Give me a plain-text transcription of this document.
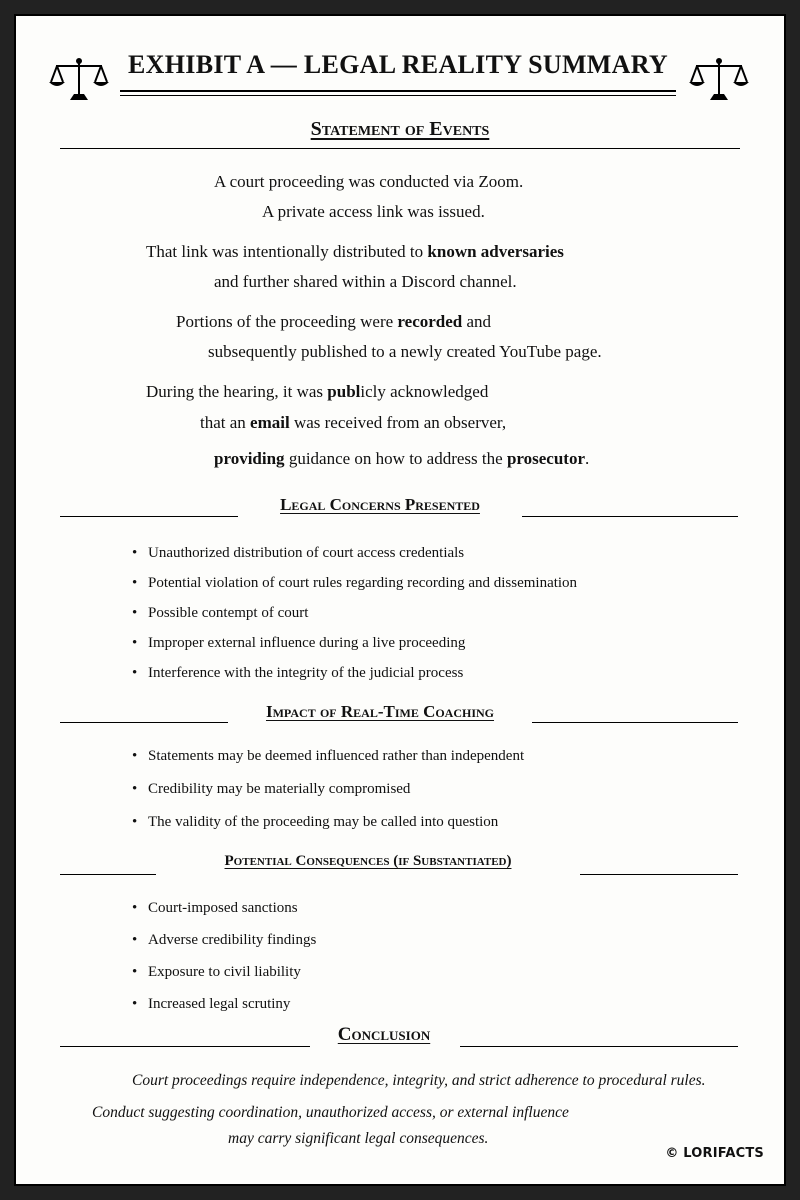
EXHIBIT A — LEGAL REALITY SUMMARY
Statement of Events
A court proceeding was conducted via Zoom.
A private access link was issued.
That link was intentionally distributed to known adversaries
and further shared within a Discord channel.
Portions of the proceeding were recorded and
subsequently published to a newly created YouTube page.
During the hearing, it was publicly acknowledged
that an email was received from an observer,
providing guidance on how to address the prosecutor.
Legal Concerns Presented
• Unauthorized distribution of court access credentials
• Potential violation of court rules regarding recording and dissemination
• Possible contempt of court
• Improper external influence during a live proceeding
• Interference with the integrity of the judicial process
Impact of Real-Time Coaching
• Statements may be deemed influenced rather than independent
• Credibility may be materially compromised
• The validity of the proceeding may be called into question
Potential Consequences (if Substantiated)
• Court-imposed sanctions
• Adverse credibility findings
• Exposure to civil liability
• Increased legal scrutiny
Conclusion
Court proceedings require independence, integrity, and strict adherence to procedural rules.
Conduct suggesting coordination, unauthorized access, or external influence
may carry significant legal consequences.
© LORIFACTS
